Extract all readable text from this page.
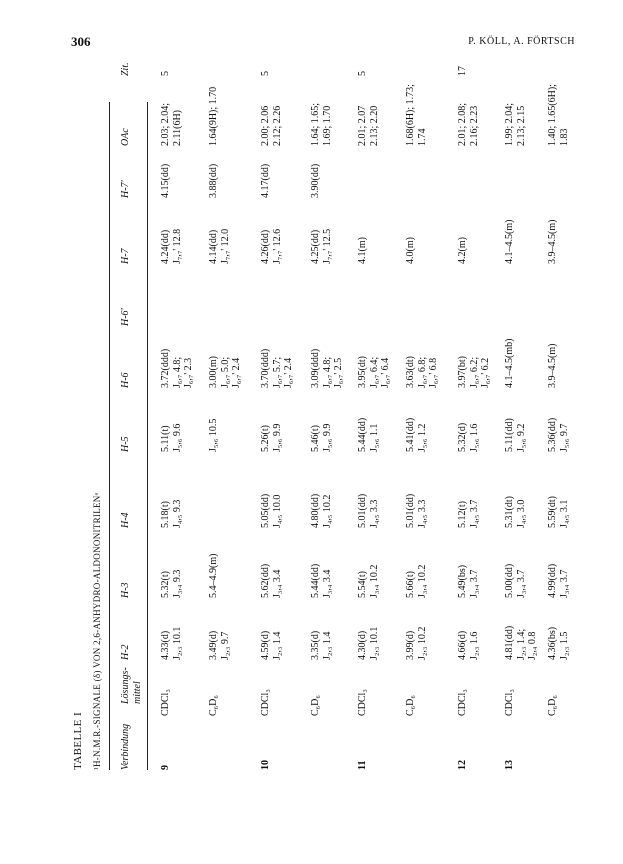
306	P. KÖLL, A. FÖRTSCH
TABELLE I ¹H-N.M.R.-SIGNALE (δ) VON 2,6-ANHYDRO-ALDONONITRILENᵃ Verbindung
Lösungs-
mittel
H-2
H-3
H-4
H-5
H-6
H-6'
H-7
H-7'
OAc
Zit.
9
CDCl₃
4.33(d)
J₂,₃ 10.1
5.32(t)
J₃,₄ 9.3
5.18(t)
J₄,₅ 9.3
5.11(t)
J₅,₆ 9.6
3.72(ddd)
J₆,₇ 4.8;
J₆,₇' 2.3
4.24(dd)
J₇,₇' 12.8
4.15(dd)
2.03; 2.04;
2.11(6H)
5
C₆D₆
3.49(d)
J₂,₃ 9.7
5.4–4.9(m)
J₅,₆ 10.5
3.00(m)
J₆,₇ 5.0;
J₆,₇' 2.4
4.14(dd)
J₇,₇' 12.0
3.88(dd)
1.64(9H); 1.70
10
CDCl₃
4.59(d)
J₂,₃ 1.4
5.62(dd)
J₃,₄ 3.4
5.05(dd)
J₄,₅ 10.0
5.26(t)
J₅,₆ 9.9
3.70(ddd)
J₆,₇ 5.7;
J₆,₇' 2.4
4.26(dd)
J₇,₇' 12.6
4.17(dd)
2.00; 2.06
2.12; 2.26
5
C₆D₆
3.35(d)
J₂,₃ 1.4
5.44(dd)
J₃,₄ 3.4
4.80(dd)
J₄,₅ 10.2
5.46(t)
J₅,₆ 9.9
3.09(ddd)
J₆,₇ 4.8;
J₆,₇' 2.5
4.25(dd)
J₇,₇' 12.5
3.90(dd)
1.64; 1.65;
1.69; 1.70
11
CDCl₃
4.30(d)
J₂,₃ 10.1
5.54(t)
J₃,₄ 10.2
5.01(dd)
J₄,₅ 3.3
5.44(dd)
J₅,₆ 1.1
3.95(dt)
J₆,₇ 6.4;
J₆,₇' 6.4
4.1(m)
2.01; 2.07
2.13; 2.20
5
C₆D₆
3.99(d)
J₂,₃ 10.2
5.66(t)
J₃,₄ 10.2
5.01(dd)
J₄,₅ 3.3
5.41(dd)
J₅,₆ 1.2
3.63(dt)
J₆,₇ 6.8;
J₆,₇' 6.8
4.0(m)
1.68(6H); 1.73;
1.74
12
CDCl₃
4.66(d)
J₂,₃ 1.6
5.49(bs)
J₃,₄ 3.7
5.12(t)
J₄,₅ 3.7
5.32(d)
J₅,₆ 1.6
3.97(bt)
J₆,₇ 6.2;
J₆,₇' 6.2
4.2(m)
2.01; 2.08;
2.16; 2.23
17
13
CDCl₃
4.81(dd)
J₂,₃ 1.4;
J₂,₄ 0.8
5.00(dd)
J₃,₄ 3.7
5.31(dt)
J₄,₅ 3.0
5.11(dd)
J₅,₆ 9.2
4.1–4.5(mb)
4.1–4.5(m)
1.99; 2.04;
2.13; 2.15
C₆D₆
4.36(bs)
J₂,₃ 1.5
4.99(dd)
J₃,₄ 3.7
5.59(dt)
J₄,₅ 3.1
5.36(dd)
J₅,₆ 9.7
3.9–4.5(m)
3.9–4.5(m)
1.40; 1.65(6H);
1.83
